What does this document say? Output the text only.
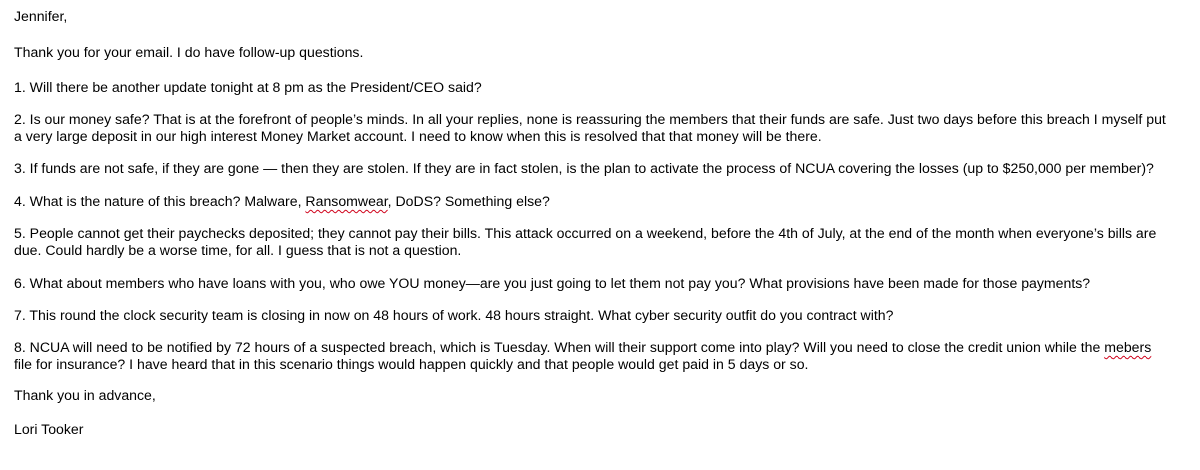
Jennifer,
Thank you for your email. I do have follow-up questions.
1. Will there be another update tonight at 8 pm as the President/CEO said?
2. Is our money safe? That is at the forefront of people’s minds. In all your replies, none is reassuring the members that their funds are safe. Just two days before this breach I myself put
a very large deposit in our high interest Money Market account. I need to know when this is resolved that that money will be there.
3. If funds are not safe, if they are gone — then they are stolen. If they are in fact stolen, is the plan to activate the process of NCUA covering the losses (up to $250,000 per member)?
4. What is the nature of this breach? Malware, Ransomwear, DoDS? Something else?
5. People cannot get their paychecks deposited; they cannot pay their bills. This attack occurred on a weekend, before the 4th of July, at the end of the month when everyone’s bills are
due. Could hardly be a worse time, for all. I guess that is not a question.
6. What about members who have loans with you, who owe YOU money—are you just going to let them not pay you? What provisions have been made for those payments?
7. This round the clock security team is closing in now on 48 hours of work. 48 hours straight. What cyber security outfit do you contract with?
8. NCUA will need to be notified by 72 hours of a suspected breach, which is Tuesday. When will their support come into play? Will you need to close the credit union while the mebers
file for insurance? I have heard that in this scenario things would happen quickly and that people would get paid in 5 days or so.
Thank you in advance,
Lori Tooker
